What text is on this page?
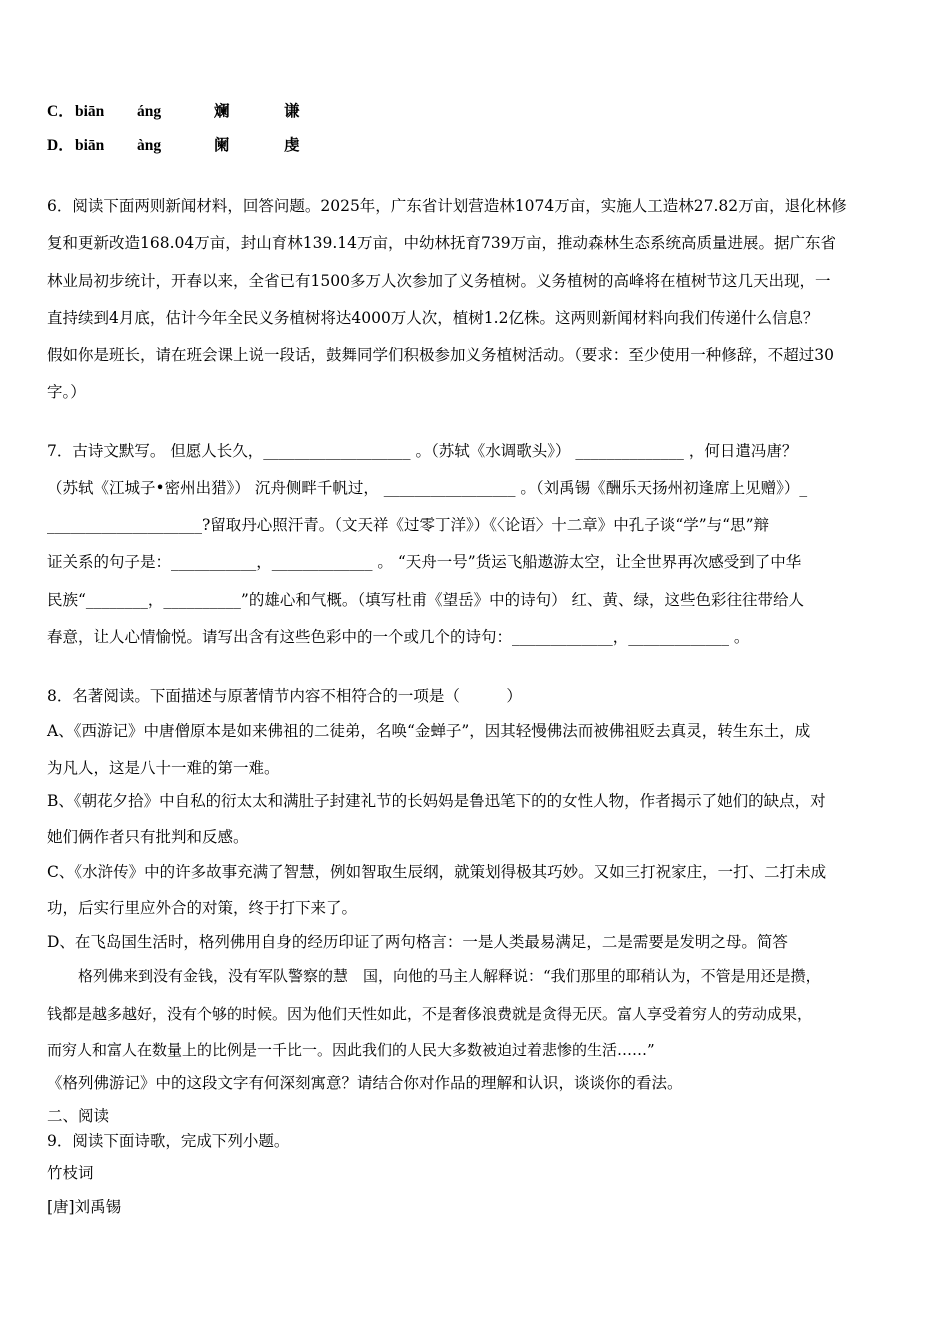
C．biān áng	斓	谦
D．biān àng	阑	虔
6．阅读下面两则新闻材料，回答问题。2025年，广东省计划营造林1074万亩，实施人工造林27.82万亩，退化林修
复和更新改造168.04万亩，封山育林139.14万亩，中幼林抚育739万亩，推动森林生态系统高质量进展。据广东省
林业局初步统计，开春以来，全省已有1500多万人次参加了义务植树。义务植树的高峰将在植树节这几天出现，一
直持续到4月底，估计今年全民义务植树将达4000万人次，植树1.2亿株。这两则新闻材料向我们传递什么信息？
假如你是班长，请在班会课上说一段话，鼓舞同学们积极参加义务植树活动。（要求：至少使用一种修辞，不超过30
字。）
7．古诗文默写。 但愿人长久，___________________ 。（苏轼《水调歌头》） ______________ ，何日遣冯唐？
（苏轼《江城子•密州出猎》） 沉舟侧畔千帆过， _________________ 。（刘禹锡《酬乐天扬州初逢席上见赠》）_
____________________?留取丹心照汗青。（文天祥《过零丁洋》）《〈论语〉十二章》中孔子谈“学”与“思”辩
证关系的句子是：___________，_____________ 。 “天舟一号”货运飞船遨游太空，让全世界再次感受到了中华
民族“________，__________”的雄心和气概。（填写杜甫《望岳》中的诗句） 红、黄、绿，这些色彩往往带给人
春意，让人心情愉悦。请写出含有这些色彩中的一个或几个的诗句：_____________，_____________ 。
8．名著阅读。下面描述与原著情节内容不相符合的一项是（　　　）
A、《西游记》中唐僧原本是如来佛祖的二徒弟，名唤“金蝉子”，因其轻慢佛法而被佛祖贬去真灵，转生东土，成
为凡人，这是八十一难的第一难。
B、《朝花夕拾》中自私的衍太太和满肚子封建礼节的长妈妈是鲁迅笔下的的女性人物，作者揭示了她们的缺点，对
她们俩作者只有批判和反感。
C、《水浒传》中的许多故事充满了智慧，例如智取生辰纲，就策划得极其巧妙。又如三打祝家庄，一打、二打未成
功，后实行里应外合的对策，终于打下来了。
D、在飞岛国生活时，格列佛用自身的经历印证了两句格言：一是人类最易满足，二是需要是发明之母。简答
格列佛来到没有金钱，没有军队警察的慧　国，向他的马主人解释说：“我们那里的耶稍认为，不管是用还是攒，
钱都是越多越好，没有个够的时候。因为他们天性如此，不是奢侈浪费就是贪得无厌。富人享受着穷人的劳动成果，
而穷人和富人在数量上的比例是一千比一。因此我们的人民大多数被迫过着悲惨的生活……”
《格列佛游记》中的这段文字有何深刻寓意？请结合你对作品的理解和认识，谈谈你的看法。
二、阅读
9．阅读下面诗歌，完成下列小题。
竹枝词
[唐]刘禹锡
